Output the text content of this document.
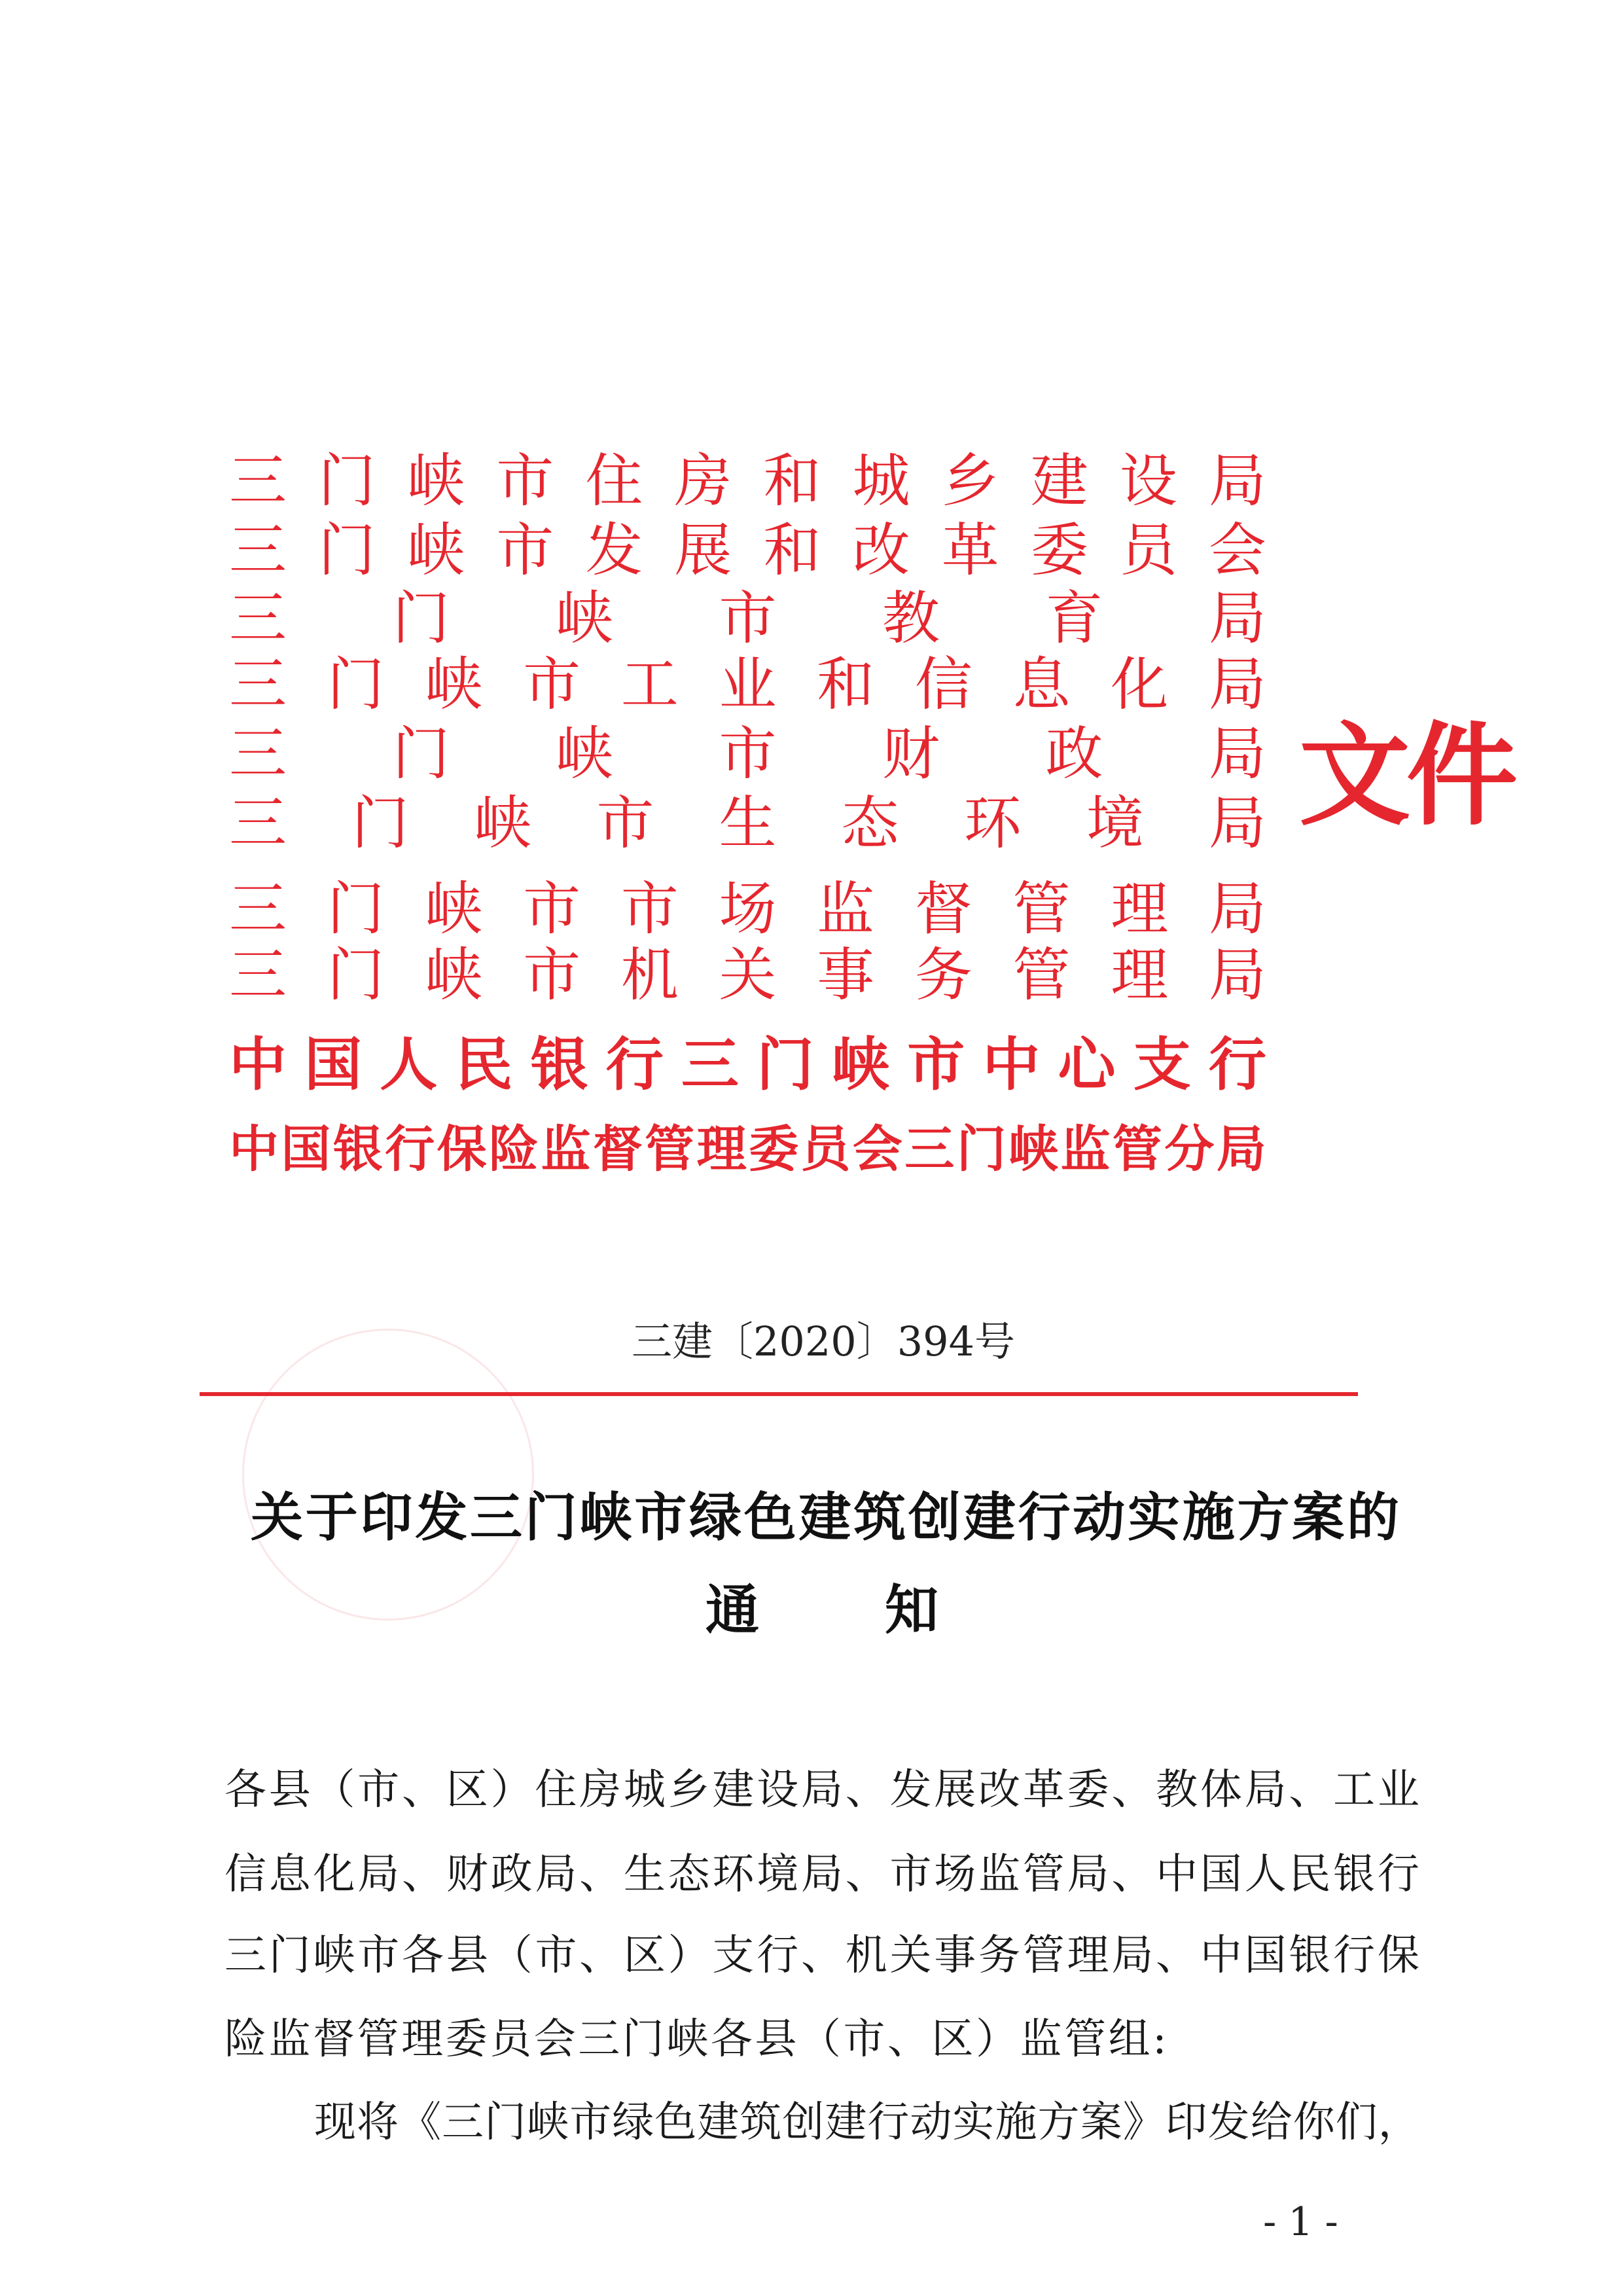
三 门 峡 市 住 房 和 城 乡 建 设 局
三 门 峡 市 发 展 和 改 革 委 员 会
三 门 峡 市 教 育 局
三 门 峡 市 工 业 和 信 息 化 局
三 门 峡 市 财 政 局
三 门 峡 市 生 态 环 境 局
三 门 峡 市 市 场 监 督 管 理 局
三 门 峡 市 机 关 事 务 管 理 局
中 国 人 民 银 行 三 门 峡 市 中 心 支 行
中 国 银 行 保 险 监 督 管 理 委 员 会 三 门 峡 监 管 分 局
文件
三建〔2020〕394号
关 于 印 发 三 门 峡 市 绿 色 建 筑 创 建 行 动 实 施 方 案 的
通 知
各 县 （ 市 、 区 ） 住 房 城 乡 建 设 局 、 发 展 改 革 委 、 教 体 局 、 工 业
信 息 化 局 、 财 政 局 、 生 态 环 境 局 、 市 场 监 管 局 、 中 国 人 民 银 行
三 门 峡 市 各 县 （ 市 、 区 ） 支 行 、 机 关 事 务 管 理 局 、 中 国 银 行 保
险 监 督 管 理 委 员 会 三 门 峡 各 县 （ 市 、 区 ） 监 管 组 :
现 将 《 三 门 峡 市 绿 色 建 筑 创 建 行 动 实 施 方 案 》 印 发 给 你 们 ，
-1-
